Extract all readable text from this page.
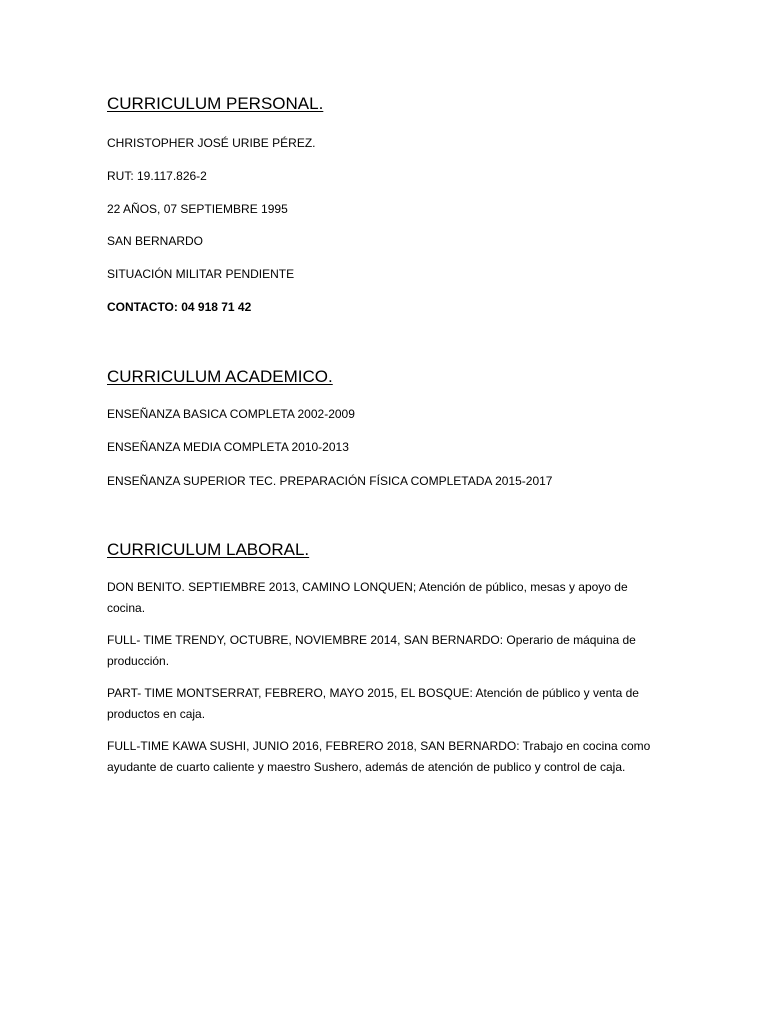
CURRICULUM PERSONAL.

CHRISTOPHER JOSÉ URIBE PÉREZ.

RUT: 19.117.826-2

22 AÑOS, 07 SEPTIEMBRE 1995

SAN BERNARDO

SITUACIÓN MILITAR PENDIENTE

CONTACTO: 04 918 71 42

CURRICULUM ACADEMICO.

ENSEÑANZA BASICA COMPLETA 2002-2009

ENSEÑANZA MEDIA COMPLETA 2010-2013

ENSEÑANZA SUPERIOR TEC. PREPARACIÓN FÍSICA COMPLETADA 2015-2017

CURRICULUM LABORAL.

DON BENITO. SEPTIEMBRE 2013, CAMINO LONQUEN; Atención de público, mesas y apoyo de cocina.

FULL- TIME TRENDY, OCTUBRE, NOVIEMBRE 2014, SAN BERNARDO: Operario de máquina de producción.

PART- TIME MONTSERRAT, FEBRERO, MAYO 2015, EL BOSQUE: Atención de público y venta de productos en caja.

FULL-TIME KAWA SUSHI, JUNIO 2016, FEBRERO 2018, SAN BERNARDO: Trabajo en cocina como ayudante de cuarto caliente y maestro Sushero, además de atención de publico y control de caja.
